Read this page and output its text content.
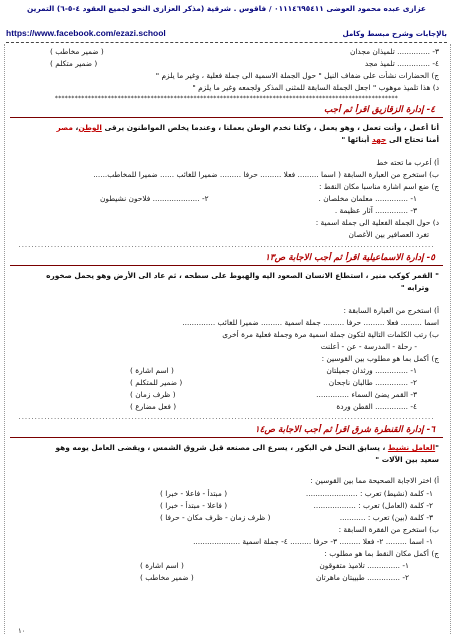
عزازى عبده محمود العوضى ٠١١١٤٦٩٥٤١١ / فاقوس . شرقية (مذكر العزازى النحو لجميع العقود ٤-٥-٦) التمرين
https://www.facebook.com/ezazi.school	بالإجابات وشرح مبسط وكامل
٣- .............. تلميذان مجدان
( ضمير مخاطب )
٤- .............. تلميذ مجد
( ضمير متكلم )
ج) الحضارات نشأت على ضفاف النيل " حول الجملة الاسمية الى جملة فعلية ، وغير ما يلزم "
د) هذا تلميذ موهوب " اجعل الجملة السابقة للمثنى المذكر ولجمعه وغير ما يلزم "
********************************************************************************************************
٤- إدارة الزقازيق اقرأ ثم أجب
أنا أعمل ، وأنت تعمل ، وهو يعمل ، وكلنا نخدم الوطن بعملنا ، وعندما يخلص المواطنون يرقى الوطن، مصر
أمنا تحتاج الى جهد أبنائها "
أ) أعرب ما تحته خط
ب) استخرج من العبارة السابقة ( اسما ......... فعلا ......... حرفا ......... ضميرا للغائب ...... ضميرا للمخاطب......
ج) ضع اسم اشارة مناسبا مكان النقط :
١- .............. معلمان مخلصان .
٢- .................... فلاحون نشيطون
٣- .............. آثار عظيمة .
د) حول الجملة الفعلية الى جملة اسمية :
تغرد العصافير بين الأغصان
.................................................................................................................................
٥- إدارة الاسماعيلية اقرأ ثم أجب الاجابة ص١٣
" القمر كوكب منير ، استطاع الانسان الصعود اليه والهبوط على سطحه ، ثم عاد الى الأرض وهو يحمل صخوره
وترابه "
أ) استخرج من العبارة السابقة :
اسما ......... فعلا ......... حرفا ......... جملة اسمية ......... ضميرا للغائب ..............
ب) رتب الكلمات التالية لتكون جملة اسمية مرة وجملة فعلية مرة أخرى
- رحلة - المدرسة - عن - أعلنت
ج) أكمل بما هو مطلوب بين القوسين :
١- .............. ورثدان جميلتان
( اسم اشارة )
٢- .............. طالبان ناجحان
( ضمير للمتكلم )
٣- القمر يضئ السماء ..............
( ظرف زمان )
٤- .............. القطن وردة
( فعل مضارع )
.................................................................................................................................
٦- إدارة القنطرة شرق اقرأ ثم أجب الاجابة ص١٤
"العامل نشيط ، يسابق النحل في البكور ، يسرع الى مصنعه قبل شروق الشمس ، ويقضى العامل يومه وهو
سعيد بين الآلات "
أ) اختر الاجابة الصحيحة مما بين القوسين :
١- كلمة (نشيط) تعرب : ......................
( مبتدأ - فاعلا - خبرا )
٢- كلمة (العامل) تعرب : ..................
( فاعلا - مبتدأ - خبرا )
٣- كلمة (بين) تعرب : ...........
( ظرف زمان - ظرف مكان - حرفا )
ب) استخرج من الفقرة السابقة :
١- اسما ......... ٢- فعلا ......... ٣- حرفا ......... ٤- جملة اسمية ....................
ج) أكمل مكان النقط بما هو مطلوب :
١- .............. تلاميذ متفوقون
( اسم اشارة )
٢- .............. طبيبتان ماهرتان
( ضمير مخاطب )
١٠
